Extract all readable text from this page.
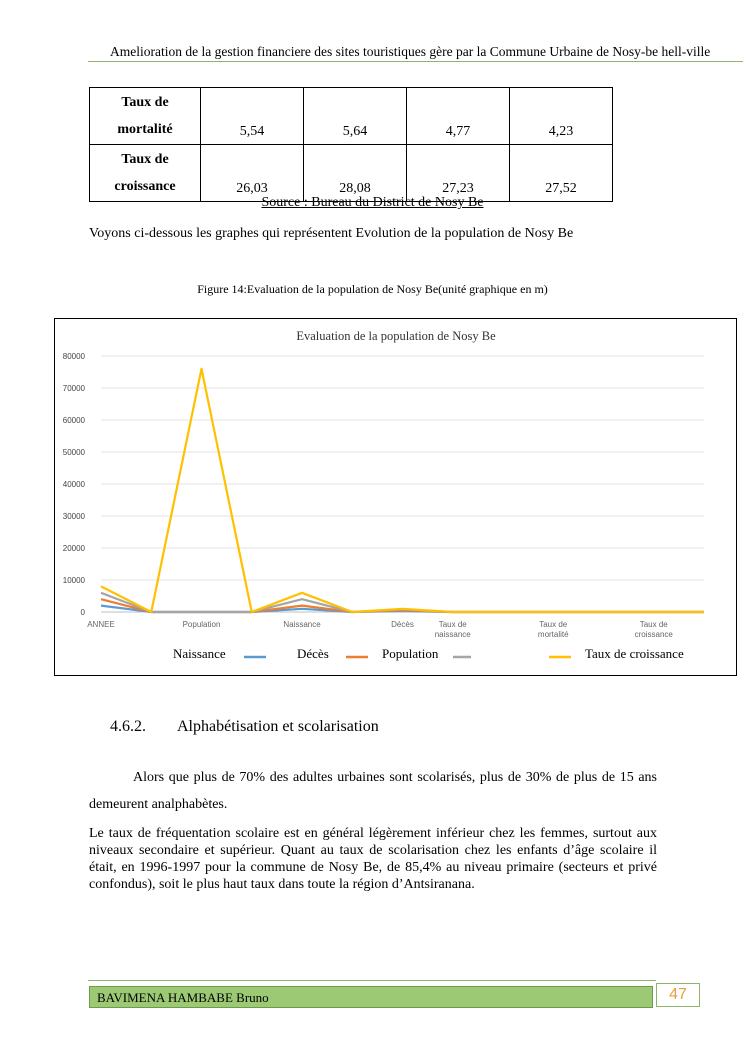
Amelioration de la gestion financiere des sites touristiques gère par la Commune Urbaine de Nosy-be hell-ville
Taux de
mortalité	5,54	5,64	4,77	4,23
Taux de
croissance	26,03	28,08	27,23	27,52
Source : Bureau du District de Nosy Be
Voyons ci-dessous les graphes qui représentent Evolution de la population de Nosy Be
Figure 14:Evaluation de la population de Nosy Be(unité graphique en m)
Evaluation de la population de Nosy Be
80000
70000
60000
50000
40000
30000
20000
10000
0
ANNEE	Population	Naissance	Décès	Taux de
naissance
Taux de
mortalité
Taux de
croissance
Naissance	Décès	Population	Taux de croissance
4.6.2. Alphabétisation et scolarisation
Alors que plus de 70% des adultes urbaines sont scolarisés, plus de 30% de plus de 15 ans demeurent analphabètes.
Le taux de fréquentation scolaire est en général légèrement inférieur chez les femmes, surtout aux niveaux secondaire et supérieur. Quant au taux de scolarisation chez les enfants d’âge scolaire il était, en 1996-1997 pour la commune de Nosy Be, de 85,4% au niveau primaire (secteurs et privé confondus), soit le plus haut taux dans toute la région d’Antsiranana.
BAVIMENA HAMBABE Bruno	47
